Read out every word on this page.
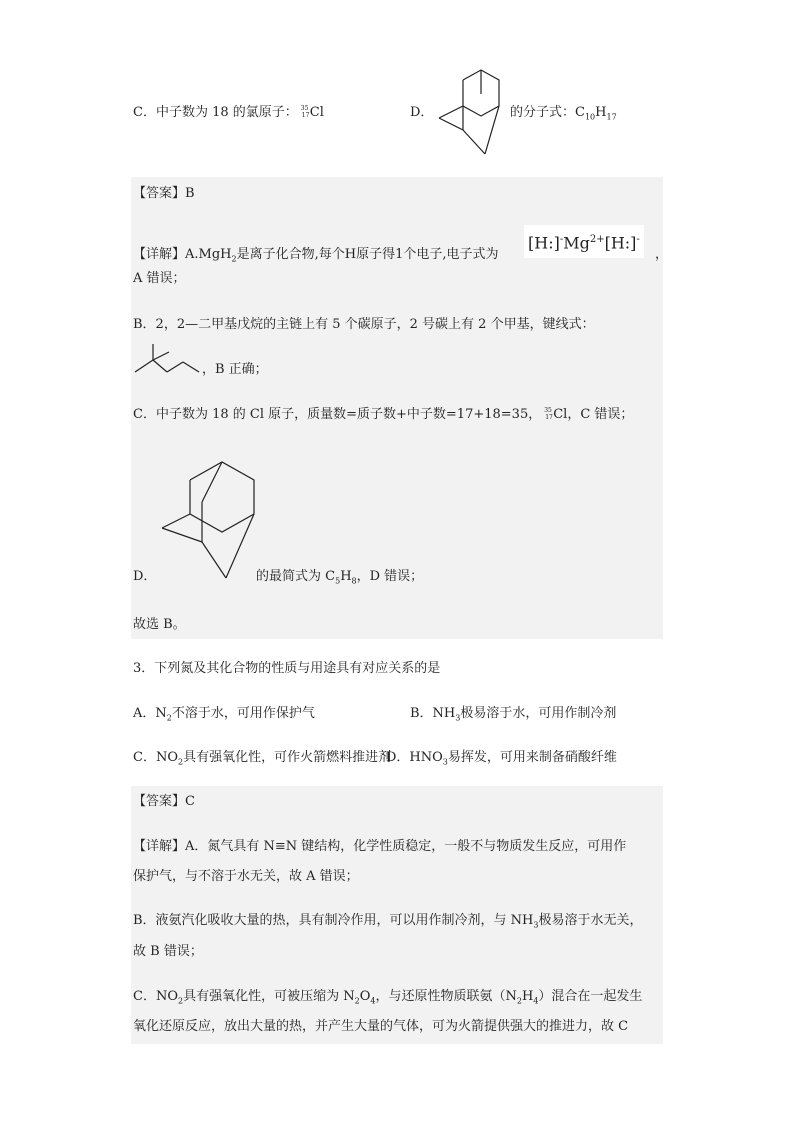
C．中子数为 18 的氯原子： 35
17 Cl	D．	的分子式：$C_{10}H_{17}$
【答案】B
【详解】A.MgH$_2$是离子化合物,每个H原子得1个电子,电子式为
$[H:]^-Mg^{2+}[H:]^-$
，
A 错误；
B．2，2—二甲基戊烷的主链上有 5 个碳原子，2 号碳上有 2 个甲基，键线式：
，B 正确；
C．中子数为 18 的 Cl 原子，质量数=质子数+中子数=17+18=35， 35
17 Cl，C 错误；
D．	的最简式为 $C_5H_8$，D 错误；
故选 B。
3．下列氮及其化合物的性质与用途具有对应关系的是
A．$N_2$不溶于水，可用作保护气	B．$NH_3$极易溶于水，可用作制冷剂
C．$NO_2$具有强氧化性，可作火箭燃料推进剂
D．$HNO_3$易挥发，可用来制备硝酸纤维
【答案】C
【详解】A．氮气具有 N≡N 键结构，化学性质稳定，一般不与物质发生反应，可用作
保护气，与不溶于水无关，故 A 错误；
B．液氨汽化吸收大量的热，具有制冷作用，可以用作制冷剂，与 $NH_3$极易溶于水无关，
故 B 错误；
C．$NO_2$具有强氧化性，可被压缩为 $N_2O_4$，与还原性物质联氨$(N_2H_4)$混合在一起发生
氧化还原反应，放出大量的热，并产生大量的气体，可为火箭提供强大的推进力，故 C
